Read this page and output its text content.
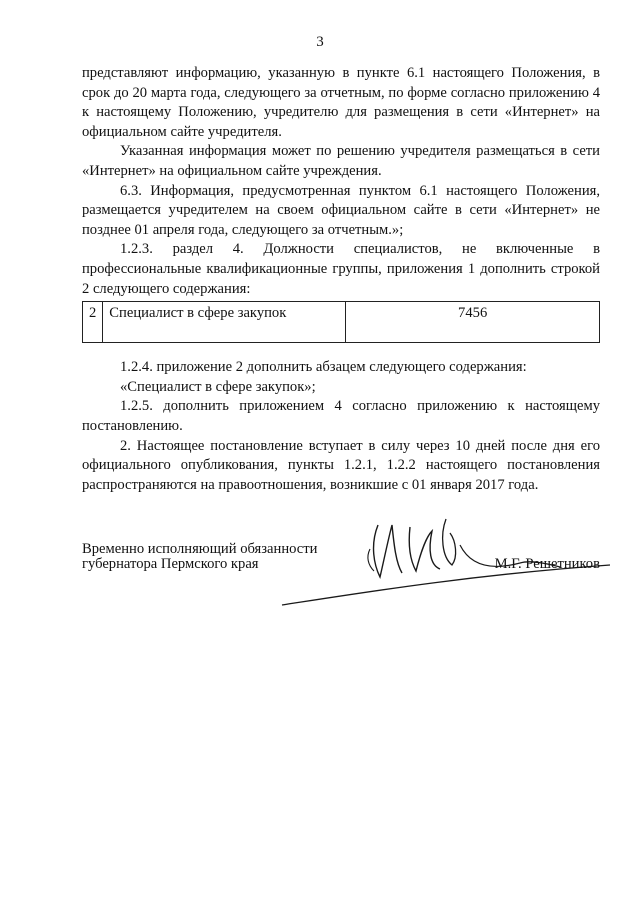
3

представляют информацию, указанную в пункте 6.1 настоящего Положения, в срок до 20 марта года, следующего за отчетным, по форме согласно приложению 4 к настоящему Положению, учредителю для размещения в сети «Интернет» на официальном сайте учредителя.

Указанная информация может по решению учредителя размещаться в сети «Интернет» на официальном сайте учреждения.

6.3. Информация, предусмотренная пунктом 6.1 настоящего Положения, размещается учредителем на своем официальном сайте в сети «Интернет» не позднее 01 апреля года, следующего за отчетным.»;

1.2.3. раздел 4. Должности специалистов, не включенные в профессиональные квалификационные группы, приложения 1 дополнить строкой 2 следующего содержания:

2	Специалист в сфере закупок	7456

1.2.4. приложение 2 дополнить абзацем следующего содержания:

«Специалист в сфере закупок»;

1.2.5. дополнить приложением 4 согласно приложению к настоящему постановлению.

2. Настоящее постановление вступает в силу через 10 дней после дня его официального опубликования, пункты 1.2.1, 1.2.2 настоящего постановления распространяются на правоотношения, возникшие с 01 января 2017 года.

Временно исполняющий обязанности
губернатора Пермского края	М.Г. Решетников
